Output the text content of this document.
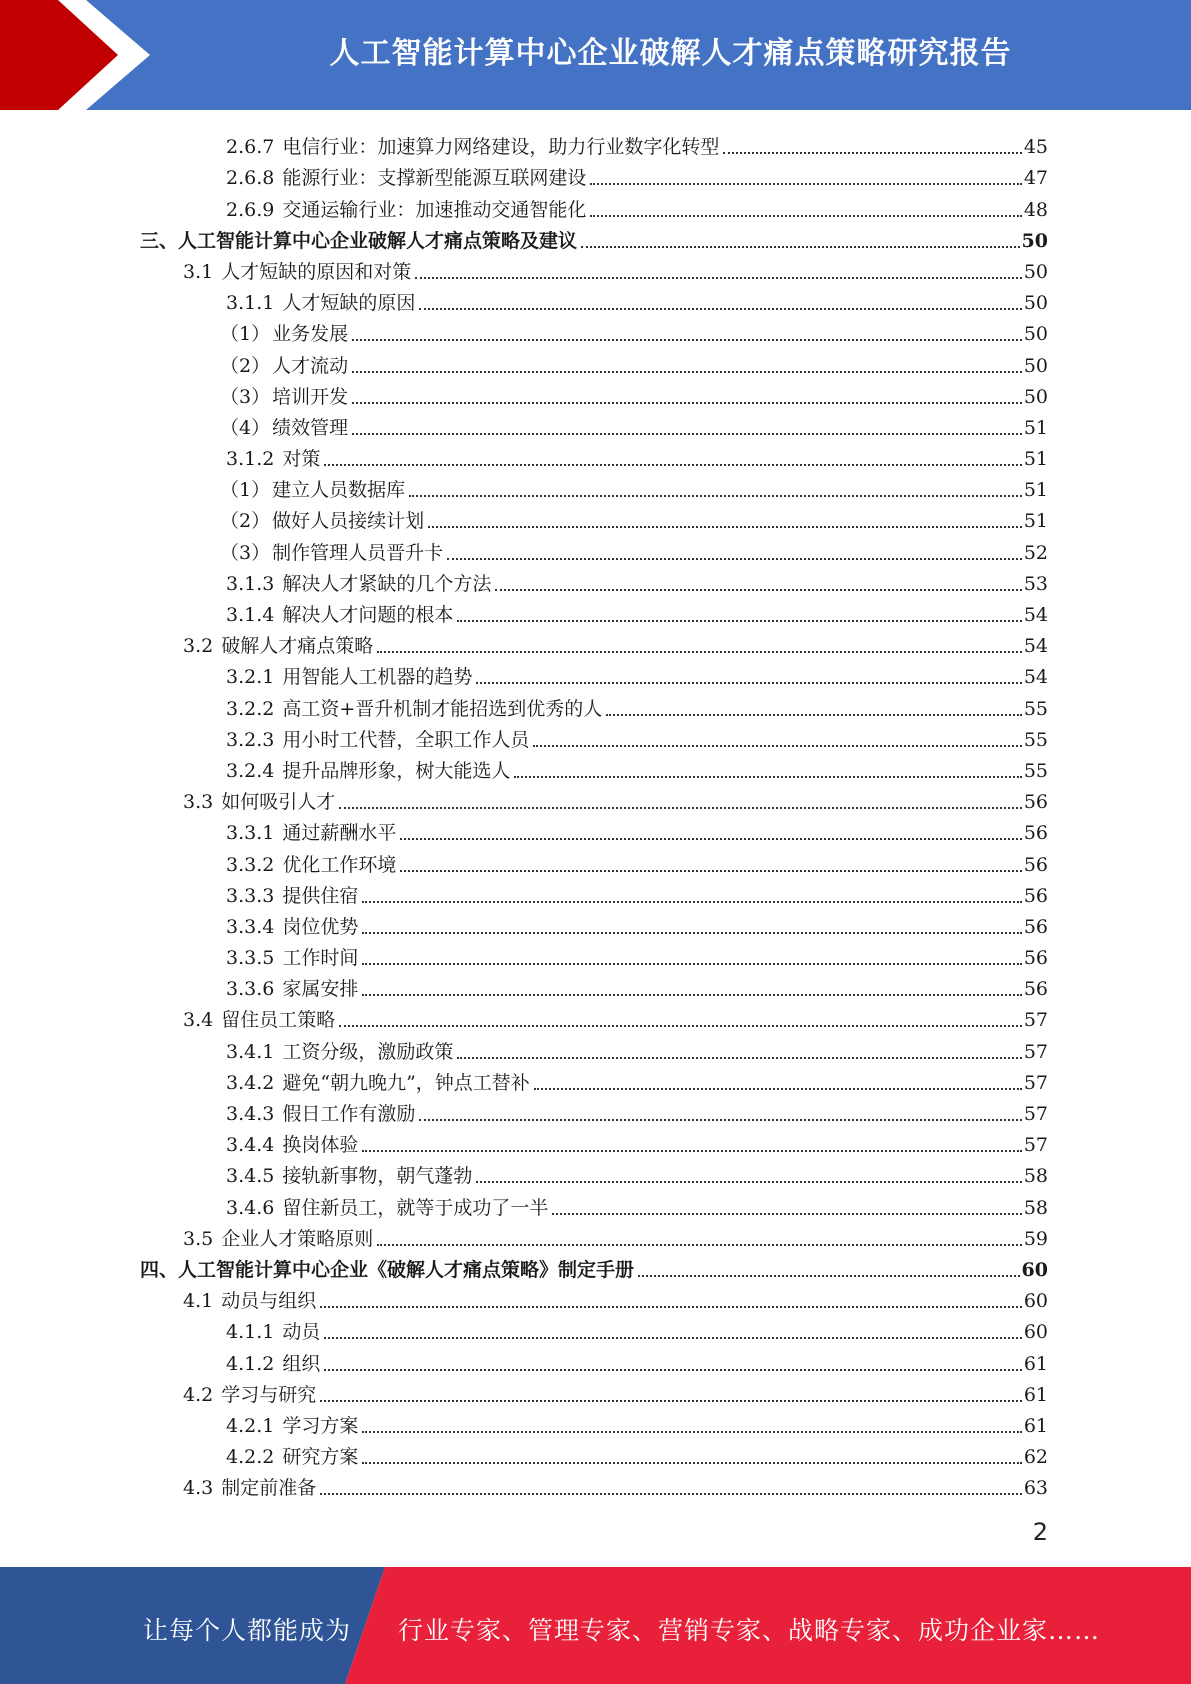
人工智能计算中心企业破解人才痛点策略研究报告
2.6.7 电信行业：加速算力网络建设，助力行业数字化转型	45
2.6.8 能源行业：支撑新型能源互联网建设	47
2.6.9 交通运输行业：加速推动交通智能化	48
三、人工智能计算中心企业破解人才痛点策略及建议	50
3.1 人才短缺的原因和对策	50
3.1.1 人才短缺的原因	50
（1） 业务发展	50
（2） 人才流动	50
（3） 培训开发	50
（4） 绩效管理	51
3.1.2 对策	51
（1） 建立人员数据库	51
（2） 做好人员接续计划	51
（3） 制作管理人员晋升卡	52
3.1.3 解决人才紧缺的几个方法	53
3.1.4 解决人才问题的根本	54
3.2 破解人才痛点策略	54
3.2.1 用智能人工机器的趋势	54
3.2.2 高工资+晋升机制才能招选到优秀的人	55
3.2.3 用小时工代替，全职工作人员	55
3.2.4 提升品牌形象，树大能选人	55
3.3 如何吸引人才	56
3.3.1 通过薪酬水平	56
3.3.2 优化工作环境	56
3.3.3 提供住宿	56
3.3.4 岗位优势	56
3.3.5 工作时间	56
3.3.6 家属安排	56
3.4 留住员工策略	57
3.4.1 工资分级，激励政策	57
3.4.2 避免“朝九晚九”，钟点工替补	57
3.4.3 假日工作有激励	57
3.4.4 换岗体验	57
3.4.5 接轨新事物，朝气蓬勃	58
3.4.6 留住新员工，就等于成功了一半	58
3.5 企业人才策略原则	59
四、人工智能计算中心企业《破解人才痛点策略》制定手册	60
4.1 动员与组织	60
4.1.1 动员	60
4.1.2 组织	61
4.2 学习与研究	61
4.2.1 学习方案	61
4.2.2 研究方案	62
4.3 制定前准备	63
2
让每个人都能成为 行业专家、管理专家、营销专家、战略专家、成功企业家……
